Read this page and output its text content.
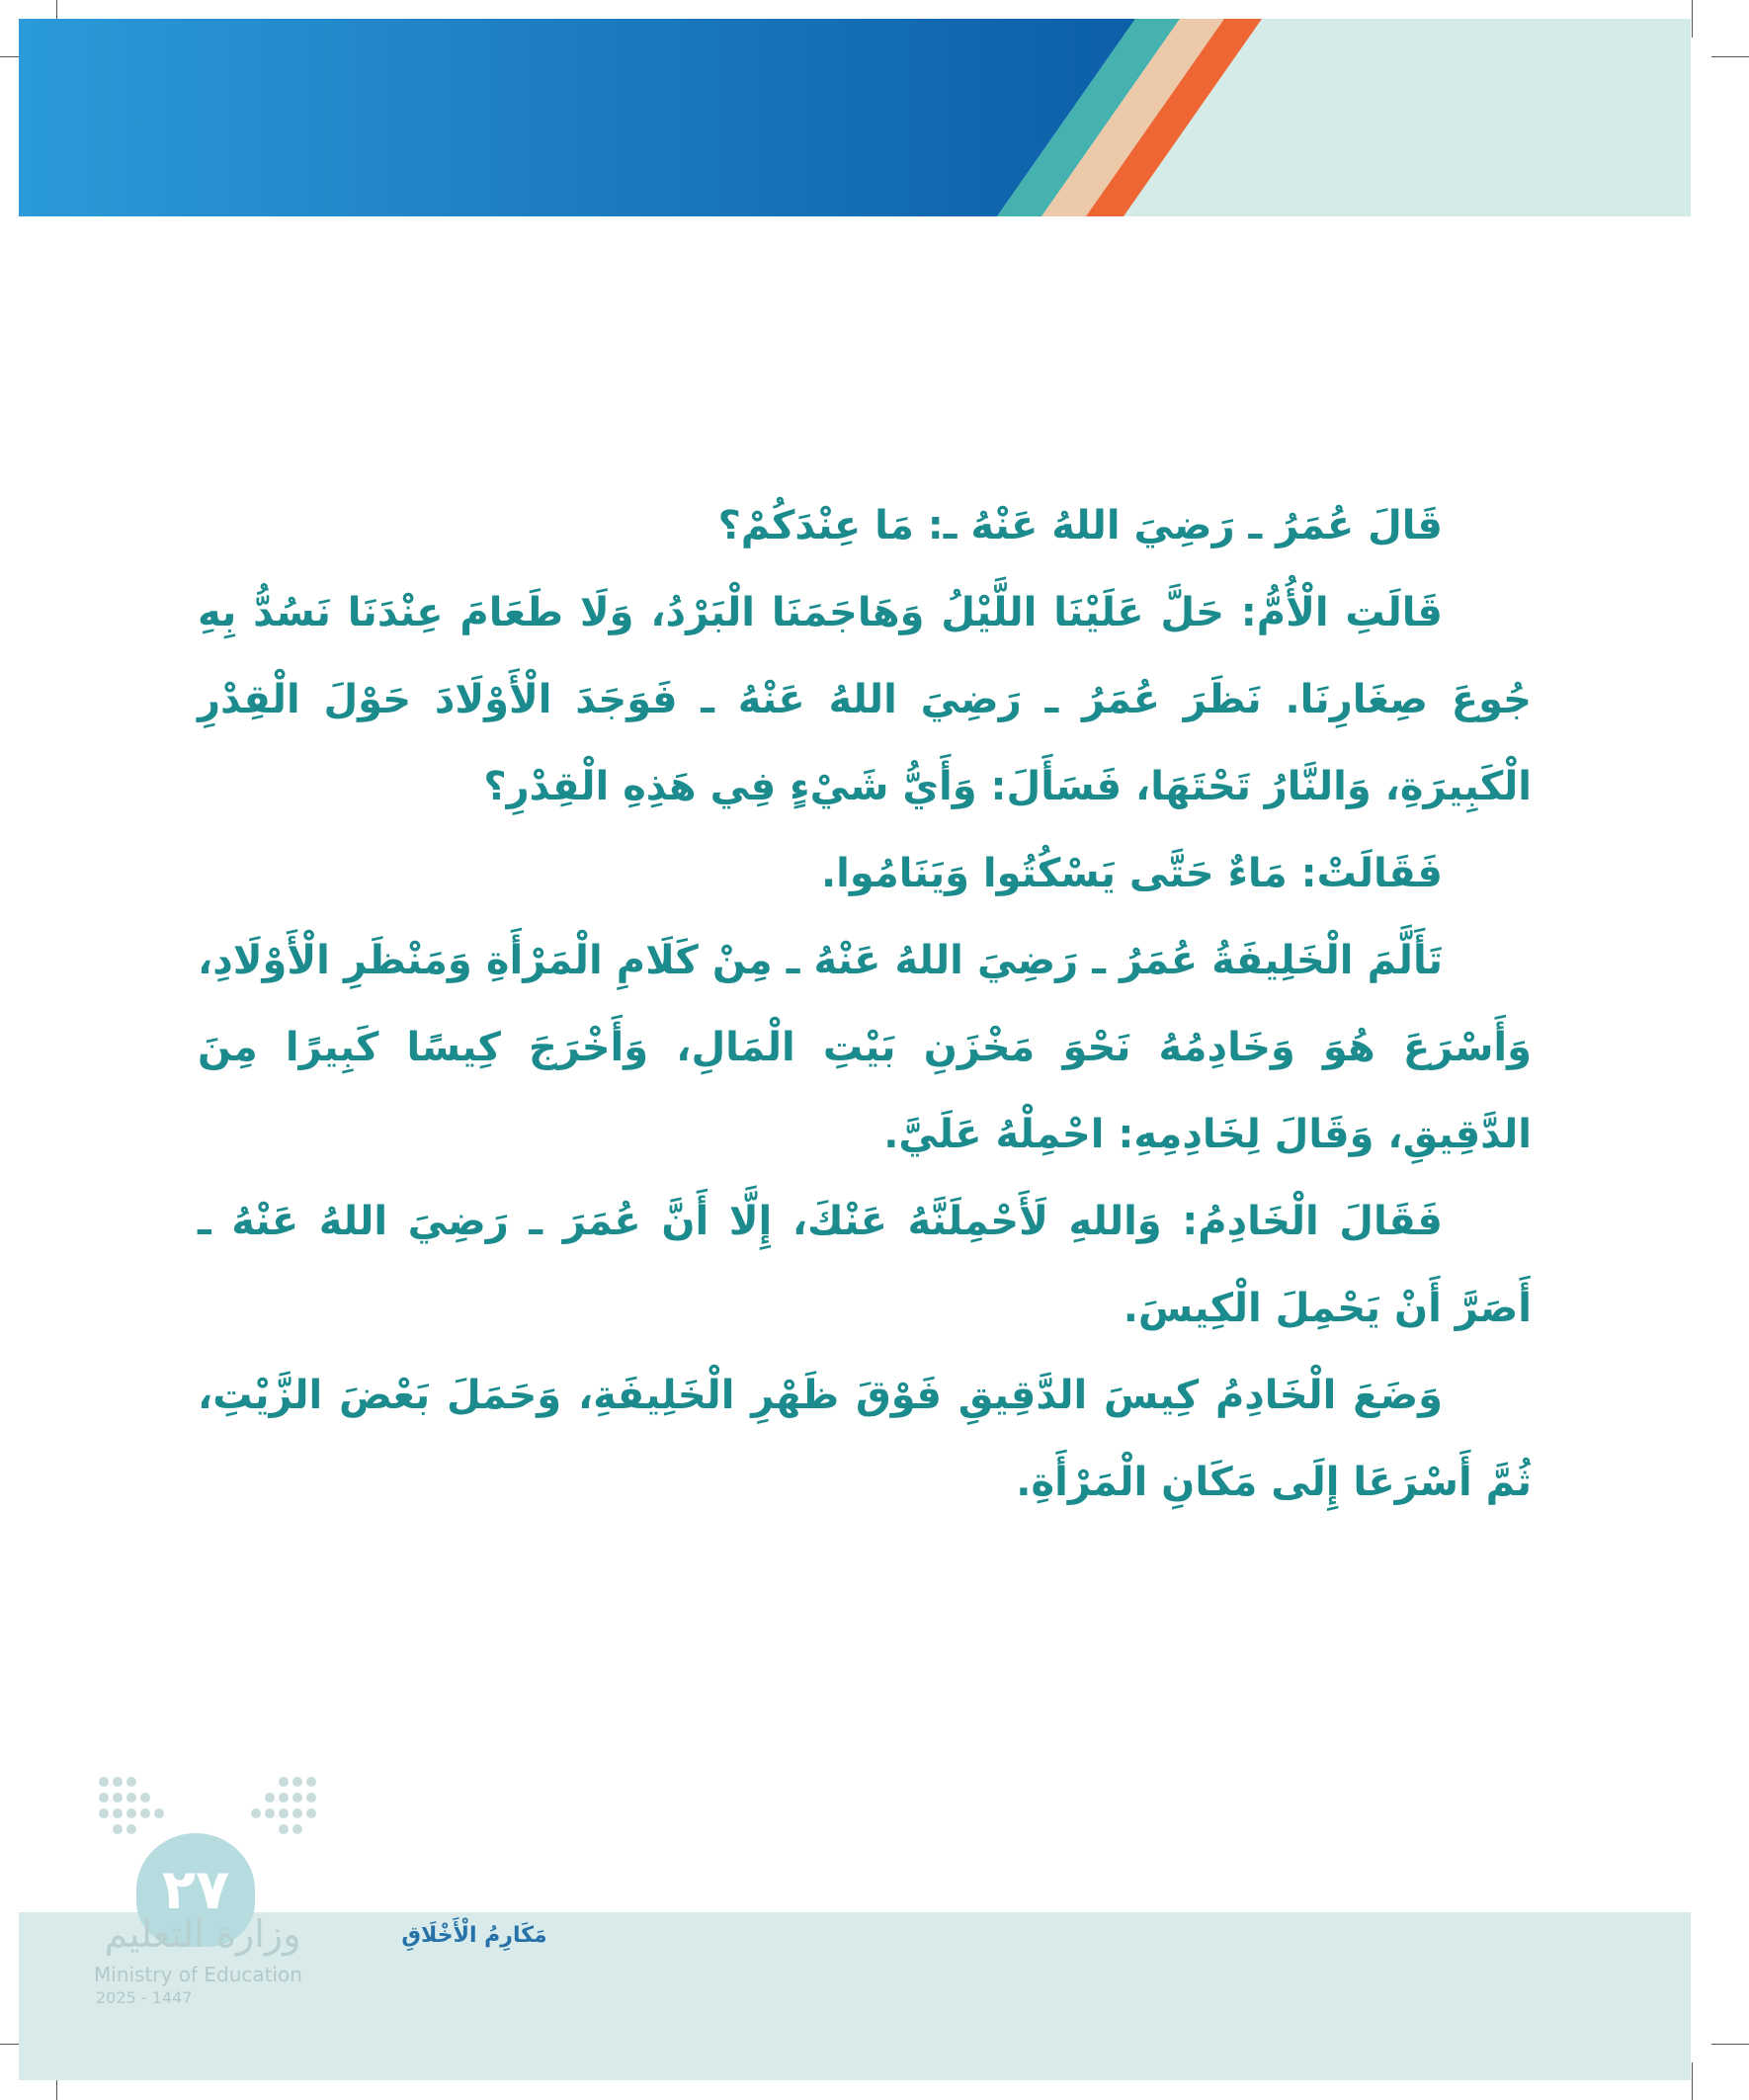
قَالَ عُمَرُ ـ رَضِيَ اللهُ عَنْهُ ـ: مَا عِنْدَكُمْ؟

قَالَتِ الْأُمُّ: حَلَّ عَلَيْنَا اللَّيْلُ وَهَاجَمَنَا الْبَرْدُ، وَلَا طَعَامَ عِنْدَنَا نَسُدُّ بِهِ جُوعَ صِغَارِنَا. نَظَرَ عُمَرُ ـ رَضِيَ اللهُ عَنْهُ ـ فَوَجَدَ الْأَوْلَادَ حَوْلَ الْقِدْرِ الْكَبِيرَةِ، وَالنَّارُ تَحْتَهَا، فَسَأَلَ: وَأَيُّ شَيْءٍ فِي هَذِهِ الْقِدْرِ؟

فَقَالَتْ: مَاءٌ حَتَّى يَسْكُتُوا وَيَنَامُوا.

تَأَلَّمَ الْخَلِيفَةُ عُمَرُ ـ رَضِيَ اللهُ عَنْهُ ـ مِنْ كَلَامِ الْمَرْأَةِ وَمَنْظَرِ الْأَوْلَادِ، وَأَسْرَعَ هُوَ وَخَادِمُهُ نَحْوَ مَخْزَنِ بَيْتِ الْمَالِ، وَأَخْرَجَ كِيسًا كَبِيرًا مِنَ الدَّقِيقِ، وَقَالَ لِخَادِمِهِ: احْمِلْهُ عَلَيَّ.

فَقَالَ الْخَادِمُ: وَاللهِ لَأَحْمِلَنَّهُ عَنْكَ، إِلَّا أَنَّ عُمَرَ ـ رَضِيَ اللهُ عَنْهُ ـ أَصَرَّ أَنْ يَحْمِلَ الْكِيسَ.

وَضَعَ الْخَادِمُ كِيسَ الدَّقِيقِ فَوْقَ ظَهْرِ الْخَلِيفَةِ، وَحَمَلَ بَعْضَ الزَّيْتِ، ثُمَّ أَسْرَعَا إِلَى مَكَانِ الْمَرْأَةِ.

٢٧
وزارة التعليم
Ministry of Education
2025 - 1447
مَكَارِمُ الْأَخْلَاقِ
